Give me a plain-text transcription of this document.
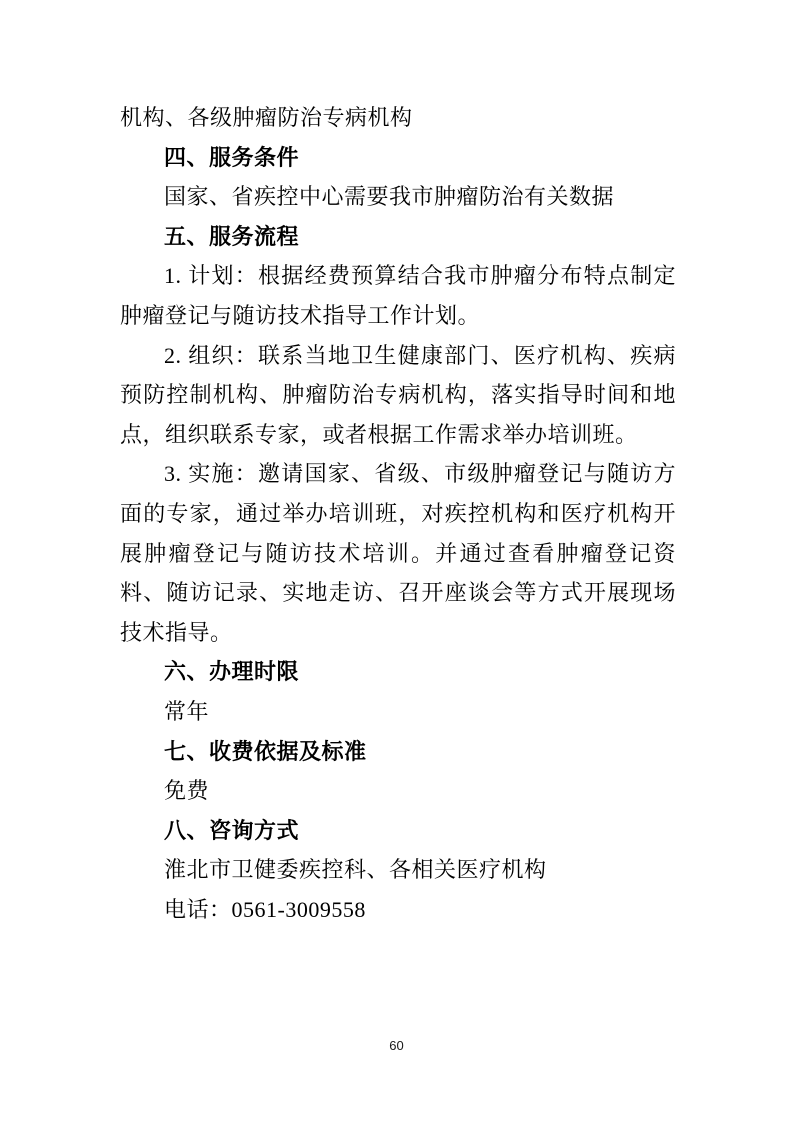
机构、各级肿瘤防治专病机构

四、服务条件

国家、省疾控中心需要我市肿瘤防治有关数据

五、服务流程

1. 计划：根据经费预算结合我市肿瘤分布特点制定肿瘤登记与随访技术指导工作计划。

2. 组织：联系当地卫生健康部门、医疗机构、疾病预防控制机构、肿瘤防治专病机构，落实指导时间和地点，组织联系专家，或者根据工作需求举办培训班。

3. 实施：邀请国家、省级、市级肿瘤登记与随访方面的专家，通过举办培训班，对疾控机构和医疗机构开展肿瘤登记与随访技术培训。并通过查看肿瘤登记资料、随访记录、实地走访、召开座谈会等方式开展现场技术指导。

六、办理时限

常年

七、收费依据及标准

免费

八、咨询方式

淮北市卫健委疾控科、各相关医疗机构

电话：0561-3009558

60
